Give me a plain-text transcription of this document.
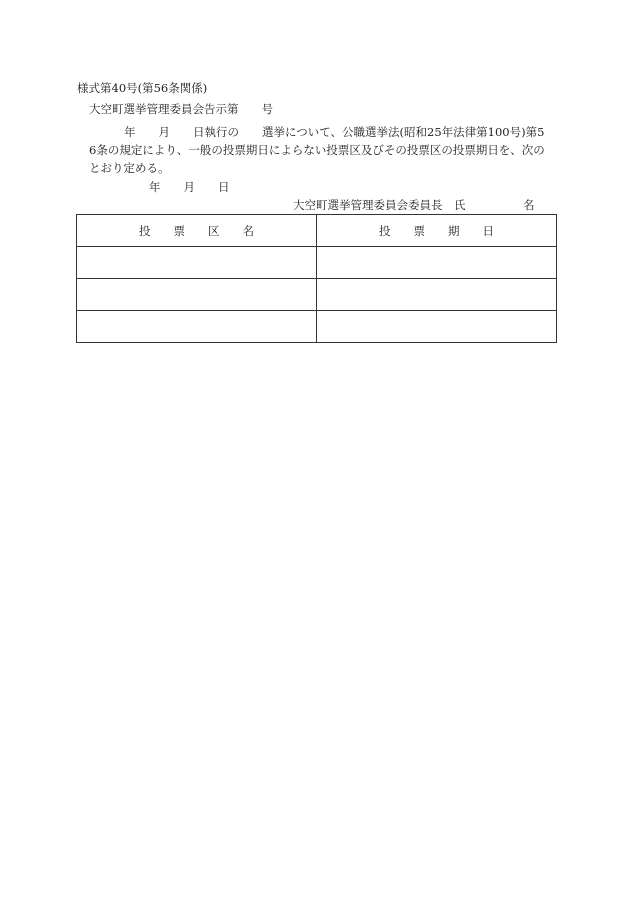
様式第40号(第56条関係)
大空町選挙管理委員会告示第　　号
年　　月　　日執行の　　選挙について、公職選挙法(昭和25年法律第100号)第5
6条の規定により、一般の投票期日によらない投票区及びその投票区の投票期日を、次の
とおり定める。
年　　月　　日
大空町選挙管理委員会委員長　氏　　　　　名
投　　票　　区　　名	投　　票　　期　　日
